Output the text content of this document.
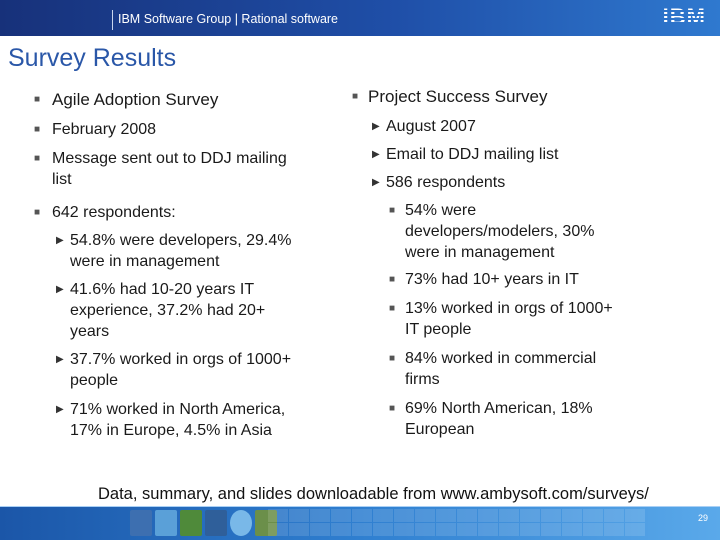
IBM Software Group | Rational software	IBM
Survey Results
■ Agile Adoption Survey
■ February 2008
■ Message sent out to DDJ mailing
list
■ 642 respondents:
▶ 54.8% were developers, 29.4%
were in management
▶ 41.6% had 10-20 years IT
experience, 37.2% had 20+
years
▶ 37.7% worked in orgs of 1000+
people
▶ 71% worked in North America,
17% in Europe, 4.5% in Asia
■ Project Success Survey
▶ August 2007
▶ Email to DDJ mailing list
▶ 586 respondents
■ 54% were
developers/modelers, 30%
were in management
■ 73% had 10+ years in IT
■ 13% worked in orgs of 1000+
IT people
■ 84% worked in commercial
firms
■ 69% North American, 18%
European
Data, summary, and slides downloadable from www.ambysoft.com/surveys/
29
